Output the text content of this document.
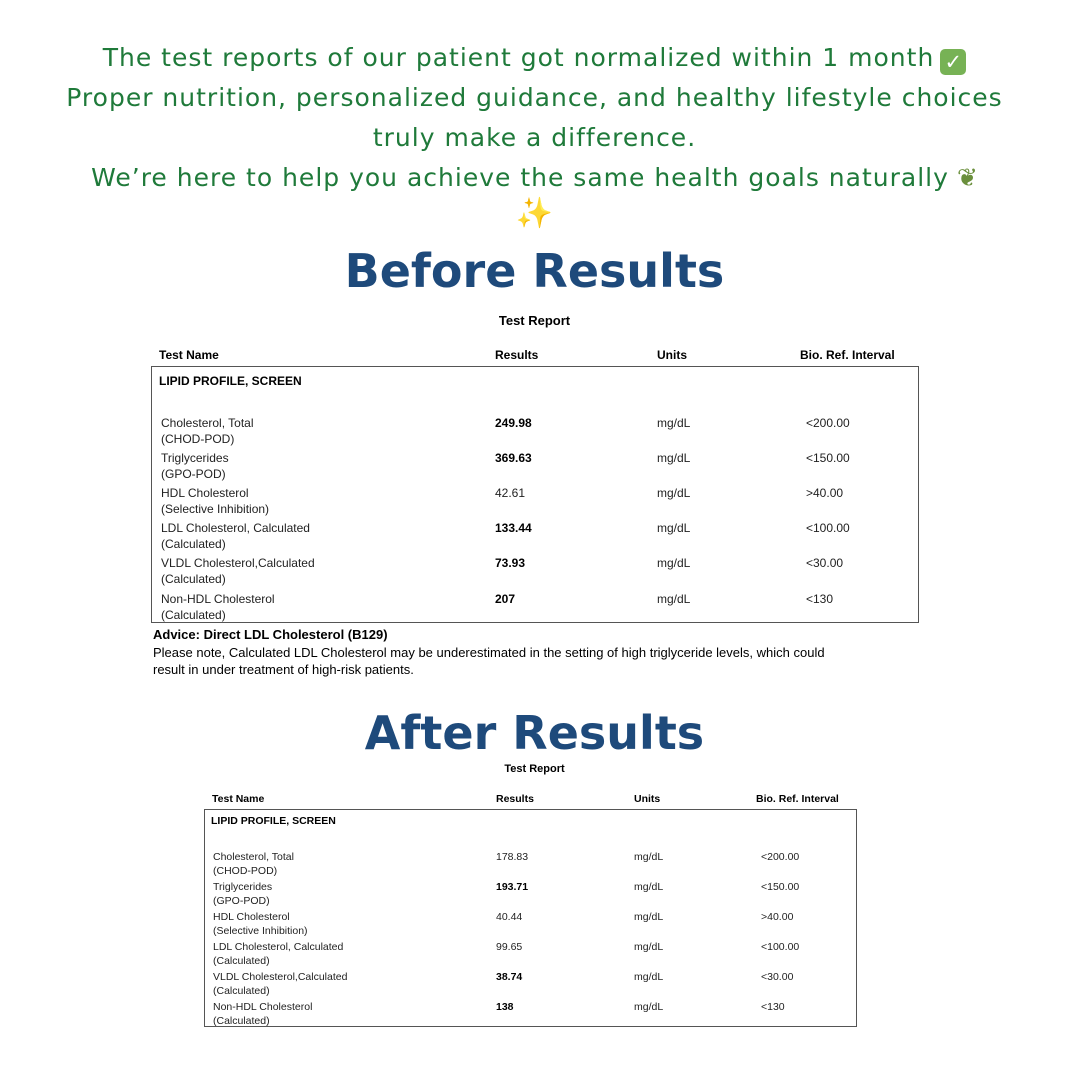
The test reports of our patient got normalized within 1 month ✓
Proper nutrition, personalized guidance, and healthy lifestyle choices
truly make a difference.
We’re here to help you achieve the same health goals naturally ❦
✨
Before Results
Test Report
Test Name	Results	Units	Bio. Ref. Interval
LIPID PROFILE, SCREEN
Cholesterol, Total
(CHOD-POD)
249.98	mg/dL	<200.00
Triglycerides
(GPO-POD)
369.63	mg/dL	<150.00
HDL Cholesterol
(Selective Inhibition)
42.61	mg/dL	>40.00
LDL Cholesterol, Calculated
(Calculated)
133.44	mg/dL	<100.00
VLDL Cholesterol,Calculated
(Calculated)
73.93	mg/dL	<30.00
Non-HDL Cholesterol
(Calculated)
207	mg/dL	<130
Advice: Direct LDL Cholesterol (B129)
Please note, Calculated LDL Cholesterol may be underestimated in the setting of high triglyceride levels, which could result in under treatment of high-risk patients.
After Results
Test Report
Test Name	Results	Units	Bio. Ref. Interval
LIPID PROFILE, SCREEN
Cholesterol, Total
(CHOD-POD)
178.83	mg/dL	<200.00
Triglycerides
(GPO-POD)
193.71	mg/dL	<150.00
HDL Cholesterol
(Selective Inhibition)
40.44	mg/dL	>40.00
LDL Cholesterol, Calculated
(Calculated)
99.65	mg/dL	<100.00
VLDL Cholesterol,Calculated
(Calculated)
38.74	mg/dL	<30.00
Non-HDL Cholesterol
(Calculated)
138	mg/dL	<130
